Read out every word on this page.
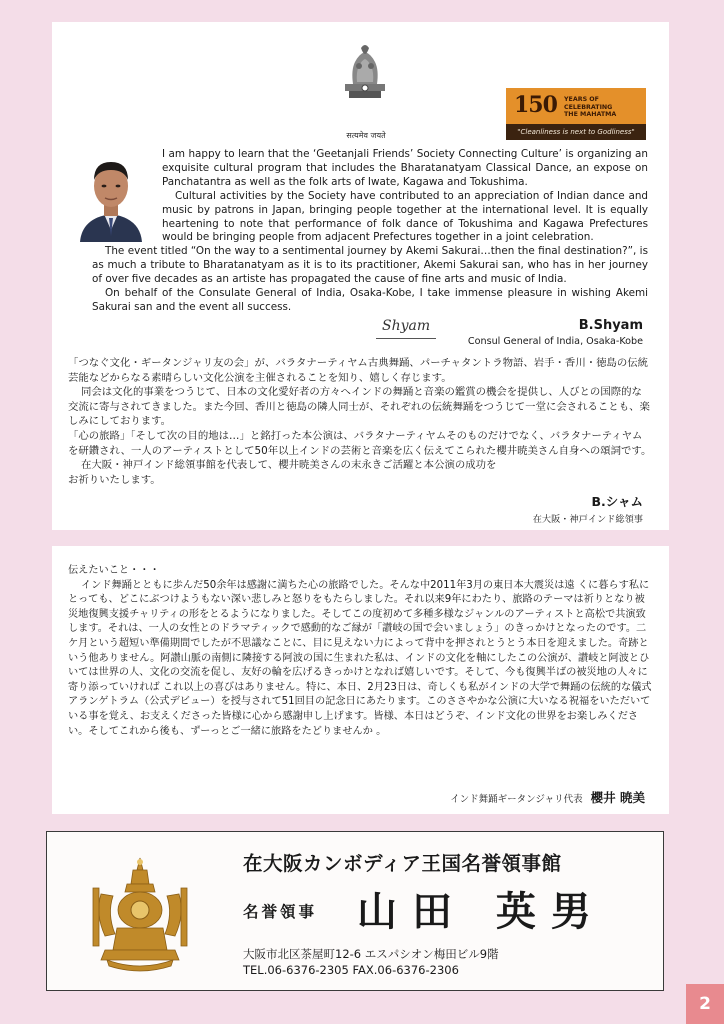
सत्यमेव जयते
150 YEARS OF
CELEBRATING
THE MAHATMA
"Cleanliness is next to Godliness"

I am happy to learn that the ‘Geetanjali Friends’ Society Connecting Culture’ is organizing an exquisite cultural program that includes the Bharatanatyam Classical Dance, an expose on Panchatantra as well as the folk arts of Iwate, Kagawa and Tokushima.

Cultural activities by the Society have contributed to an appreciation of Indian dance and music by patrons in Japan, bringing people together at the international level. It is equally heartening to note that performance of folk dance of Tokushima and Kagawa Prefectures would be bringing people from adjacent Prefectures together in a joint celebration.

The event titled “On the way to a sentimental journey by Akemi Sakurai…then the final destination?”, is as much a tribute to Bharatanatyam as it is to its practitioner, Akemi Sakurai san, who has in her journey of over five decades as an artiste has propagated the cause of fine arts and music of India.

On behalf of the Consulate General of India, Osaka-Kobe, I take immense pleasure in wishing Akemi Sakurai san and the event all success.

Shyam	B.Shyam
Consul General of India, Osaka-Kobe

「つなぐ文化・ギータンジャリ友の会」が、バラタナーティヤム古典舞踊、パーチャタントラ物語、岩手・香川・徳島の伝統芸能などからなる素晴らしい文化公演を主催されることを知り、嬉しく存じます。

同会は文化的事業をつうじて、日本の文化愛好者の方々へインドの舞踊と音楽の鑑賞の機会を提供し、人びとの国際的な交流に寄与されてきました。また今回、香川と徳島の隣人同士が、それぞれの伝統舞踊をつうじて一堂に会されることも、楽しみにしております。

「心の旅路」「そして次の目的地は…」と銘打った本公演は、バラタナーティヤムそのものだけでなく、バラタナーティヤムを研鑽され、一人のアーティストとして50年以上インドの芸術と音楽を広く伝えてこられた櫻井暁美さん自身への頌詞です。

在大阪・神戸インド総領事館を代表して、櫻井暁美さんの末永きご活躍と本公演の成功をお祈りいたします。

B.シャム
在大阪・神戸インド総領事

伝えたいこと・・・

インド舞踊とともに歩んだ50余年は感謝に満ちた心の旅路でした。そんな中2011年3月の東日本大震災は遠 くに暮らす私にとっても、どこにぶつけようもない深い悲しみと怒りをもたらしました。それ以来9年にわたり、旅路のテーマは祈りとなり被災地復興支援チャリティの形をとるようになりました。そしてこの度初めて多種多様なジャンルのアーティストと高松で共演致します。それは、一人の女性とのドラマティックで感動的なご縁が「讃岐の国で会いましょう」のきっかけとなったのです。二ケ月という超短い準備期間でしたが不思議なことに、目に見えない力によって背中を押されとうとう本日を迎えました。奇跡という他ありません。阿讃山脈の南側に隣接する阿波の国に生まれた私は、インドの文化を軸にしたこの公演が、讃岐と阿波とひいては世界の人、文化の交流を促し、友好の輪を広げるきっかけとなれば嬉しいです。そして、今も復興半ばの被災地の人々に寄り添っていければ これ以上の喜びはありません。特に、本日、2月23日は、奇しくも私がインドの大学で舞踊の伝統的な儀式アランゲトラム（公式デビュー）を授与されて51回目の記念日にあたります。このささやかな公演に大いなる祝福をいただいている事を覚え、お支えくださった皆様に心から感謝申し上げます。皆様、本日はどうぞ、インド文化の世界をお楽しみください。そしてこれから後も、ずーっとご一緒に旅路をたどりませんか 。

インド舞踊ギータンジャリ代表 櫻井 暁美
在大阪カンボディア王国名誉領事館
名誉領事 山田 英男
大阪市北区茶屋町12-6 エスパシオン梅田ビル9階
TEL.06-6376-2305 FAX.06-6376-2306
2
